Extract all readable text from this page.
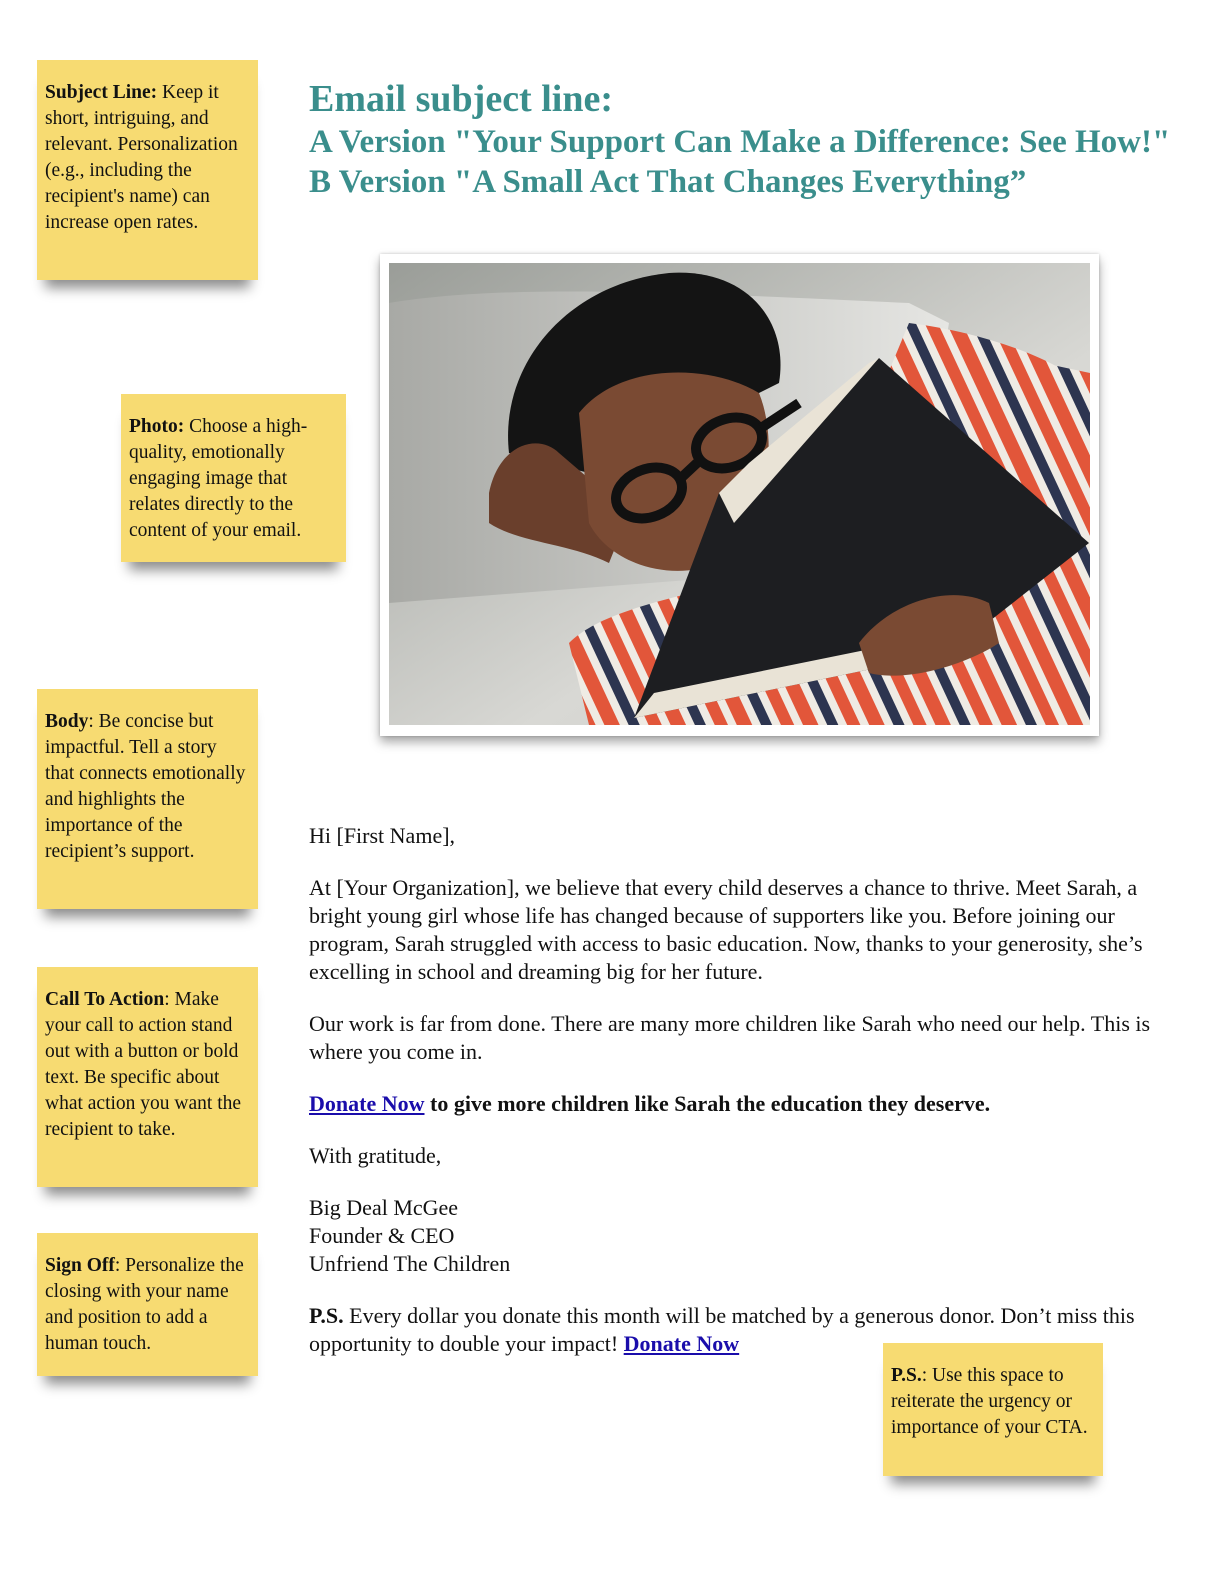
Email subject line:
A Version "Your Support Can Make a Difference: See How!"
B Version "A Small Act That Changes Everything”
Subject Line: Keep it short, intriguing, and relevant. Personalization (e.g., including the recipient's name) can increase open rates.
Photo: Choose a high-quality, emotionally engaging image that relates directly to the content of your email.
Body: Be concise but impactful. Tell a story that connects emotionally and highlights the importance of the recipient’s support.
Call To Action: Make your call to action stand out with a button or bold text. Be specific about what action you want the recipient to take.
Sign Off: Personalize the closing with your name and position to add a human touch.
P.S.: Use this space to reiterate the urgency or importance of your CTA.

Hi [First Name],

At [Your Organization], we believe that every child deserves a chance to thrive. Meet Sarah, a bright young girl whose life has changed because of supporters like you. Before joining our program, Sarah struggled with access to basic education. Now, thanks to your generosity, she’s excelling in school and dreaming big for her future.

Our work is far from done. There are many more children like Sarah who need our help. This is where you come in.

Donate Now to give more children like Sarah the education they deserve.

With gratitude,

Big Deal McGee
Founder & CEO
Unfriend The Children

P.S. Every dollar you donate this month will be matched by a generous donor. Don’t miss this opportunity to double your impact! Donate Now
